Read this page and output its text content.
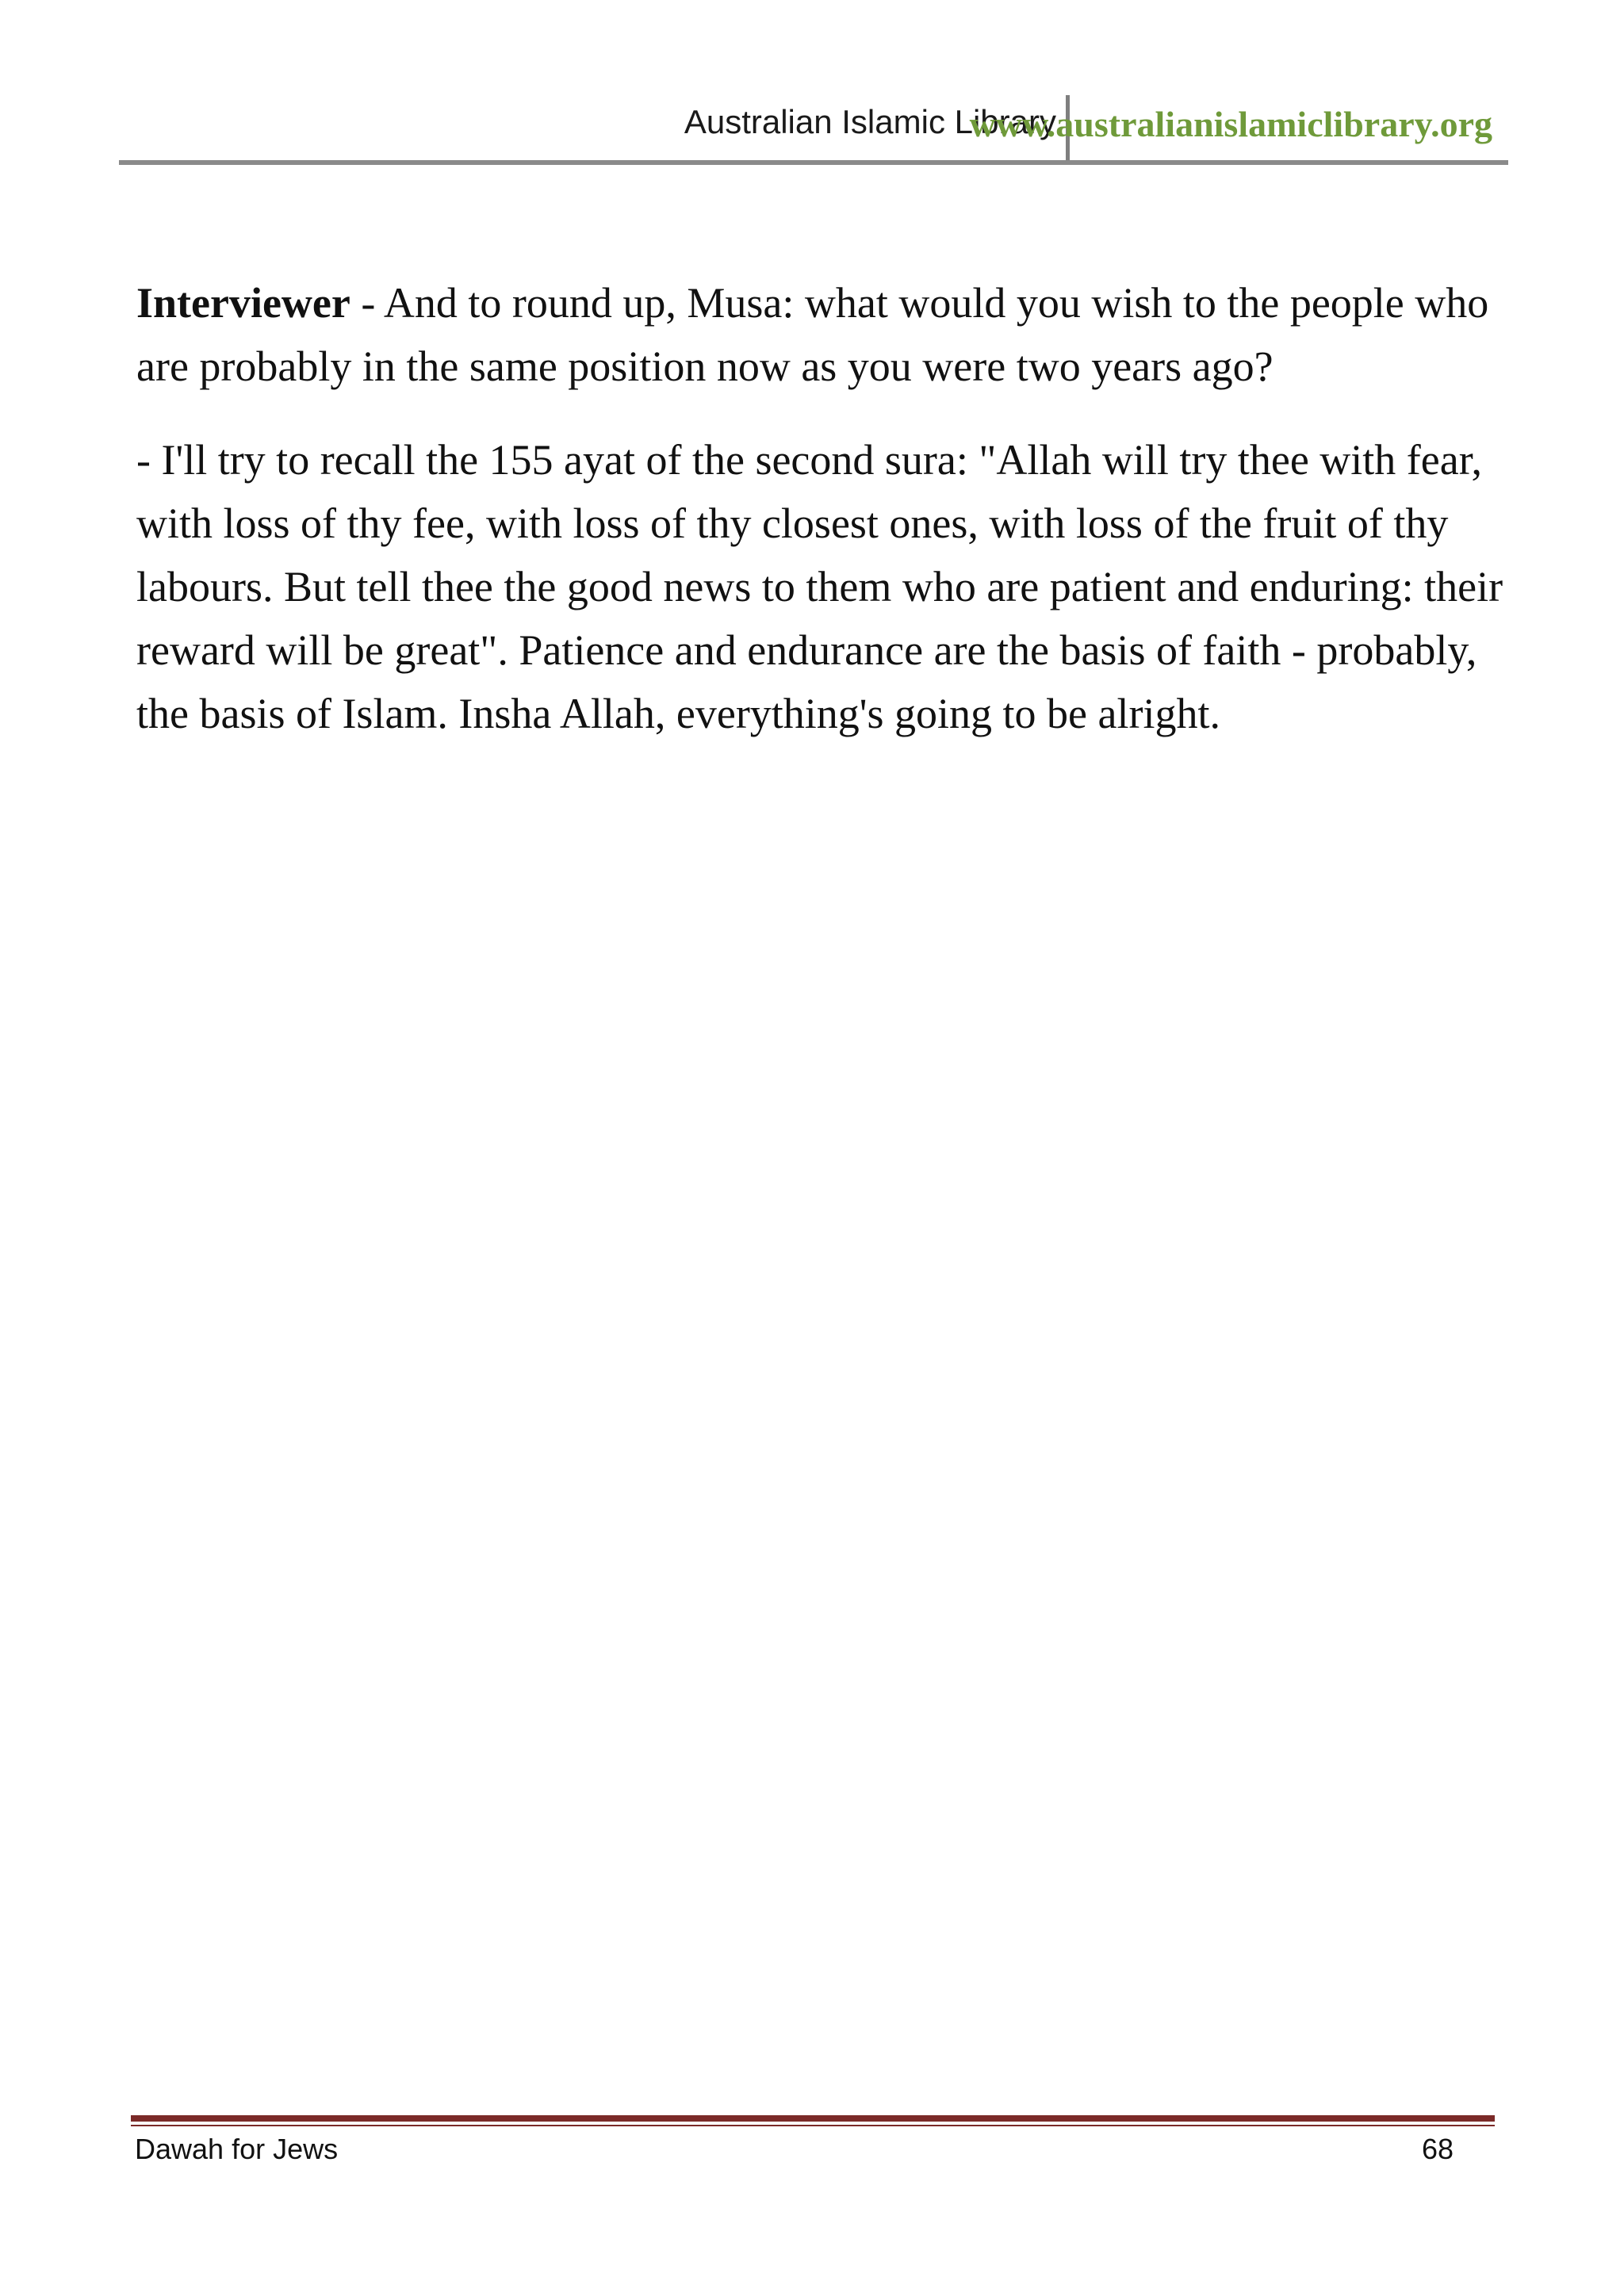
Australian Islamic Library
www.australianislamiclibrary.org

Interviewer - And to round up, Musa: what would you wish to the people who are probably in the same position now as you were two years ago?

- I'll try to recall the 155 ayat of the second sura: "Allah will try thee with fear, with loss of thy fee, with loss of thy closest ones, with loss of the fruit of thy labours. But tell thee the good news to them who are patient and enduring: their reward will be great". Patience and endurance are the basis of faith - probably, the basis of Islam. Insha Allah, everything's going to be alright.

Dawah for Jews	68
